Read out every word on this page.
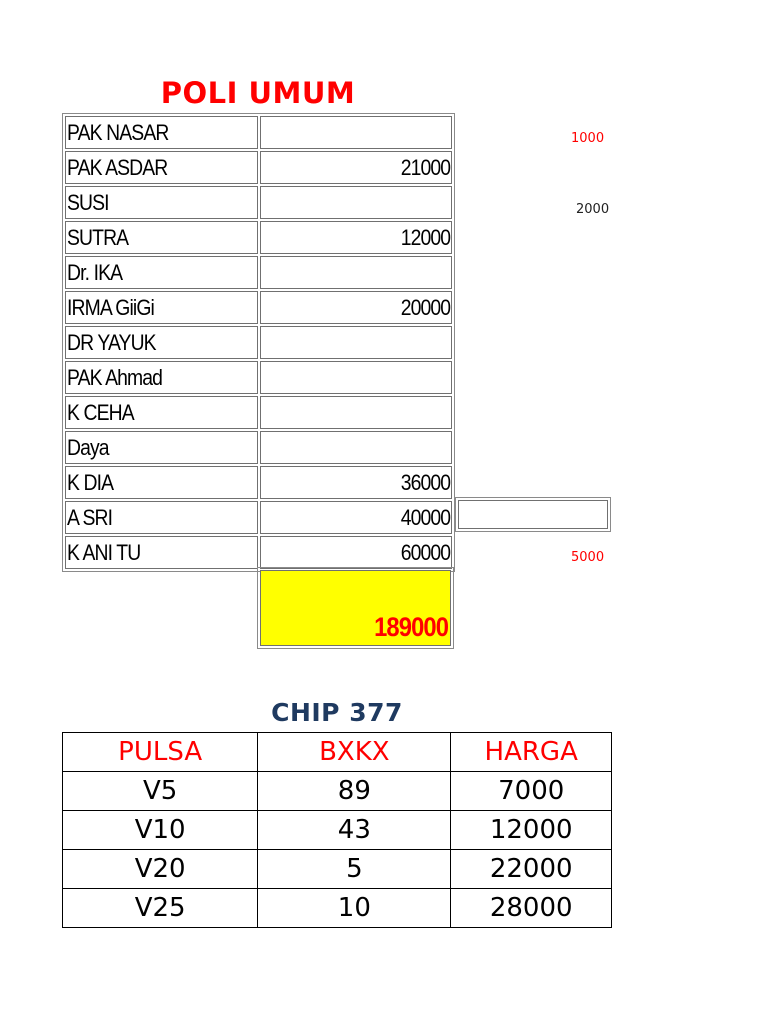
POLI UMUM
PAK NASAR	
PAK ASDAR	21000
SUSI	
SUTRA	12000
Dr. IKA	
IRMA GiiGi	20000
DR YAYUK	
PAK Ahmad	
K CEHA	
Daya	
K DIA	36000
A SRI	40000
K ANI TU	60000
1000
2000
5000
189000
CHIP 377
PULSA	BXKX	HARGA
V5	89	7000
V10	43	12000
V20	5	22000
V25	10	28000
